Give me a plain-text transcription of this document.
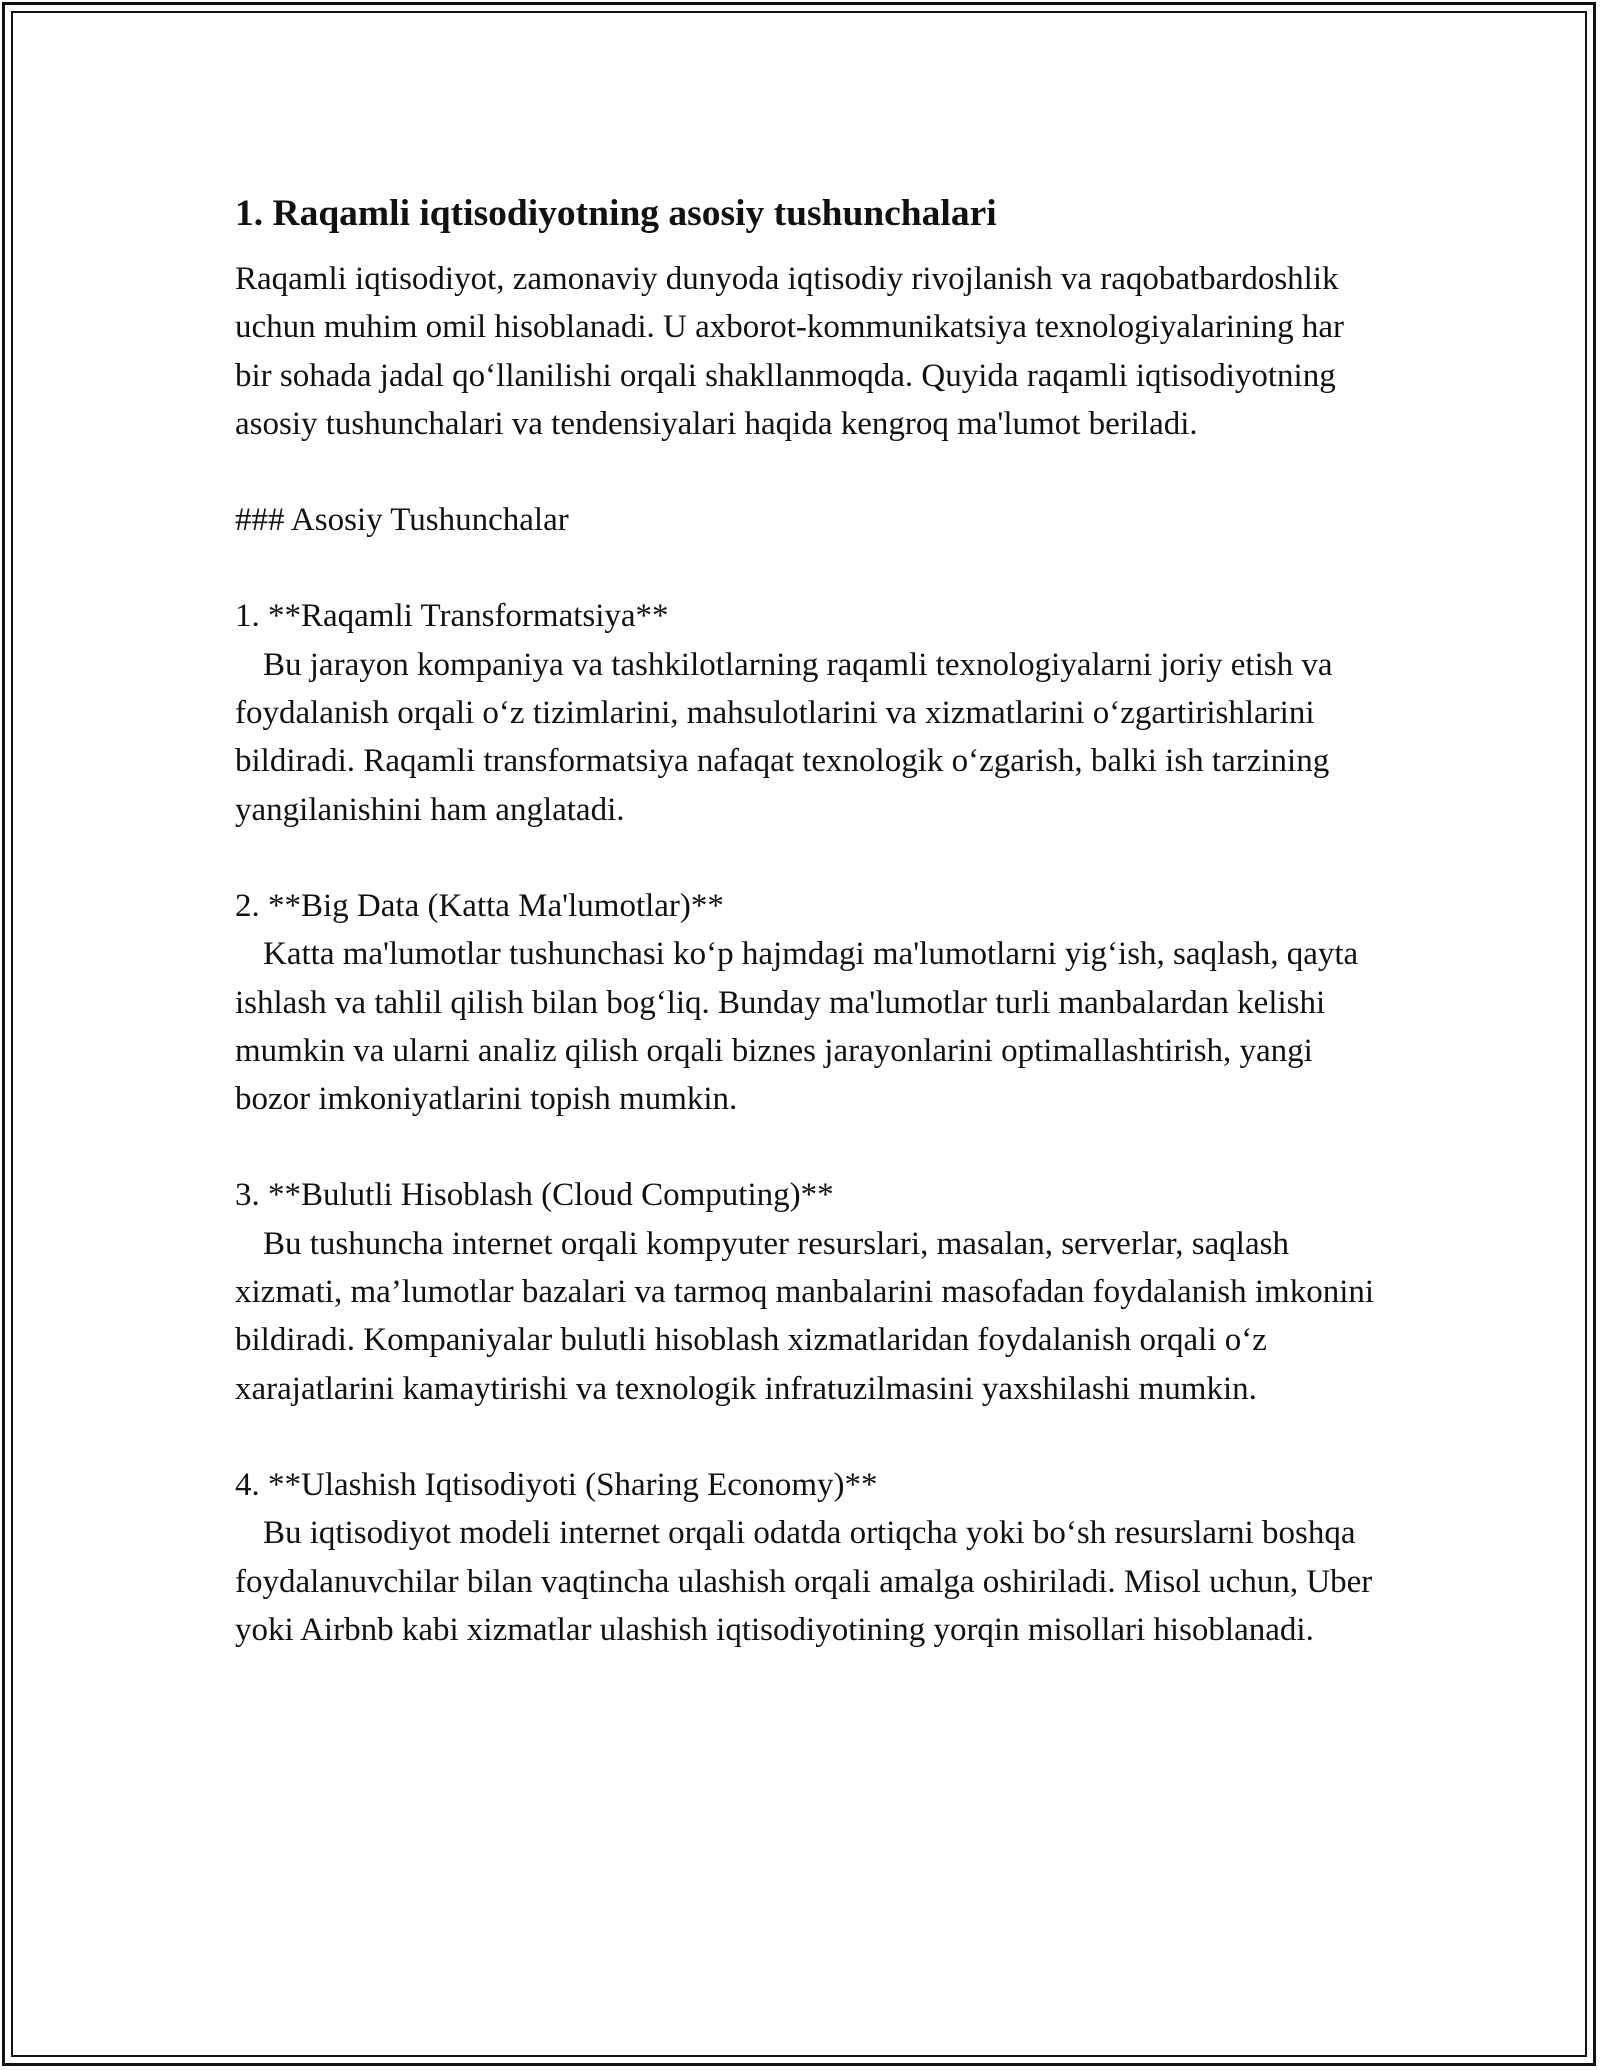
1. Raqamli iqtisodiyotning asosiy tushunchalari

Raqamli iqtisodiyot, zamonaviy dunyoda iqtisodiy rivojlanish va raqobatbardoshlik uchun muhim omil hisoblanadi. U axborot-kommunikatsiya texnologiyalarining har bir sohada jadal qo‘llanilishi orqali shakllanmoqda. Quyida raqamli iqtisodiyotning asosiy tushunchalari va tendensiyalari haqida kengroq ma'lumot beriladi.

### Asosiy Tushunchalar

1. **Raqamli Transformatsiya**

Bu jarayon kompaniya va tashkilotlarning raqamli texnologiyalarni joriy etish va foydalanish orqali o‘z tizimlarini, mahsulotlarini va xizmatlarini o‘zgartirishlarini bildiradi. Raqamli transformatsiya nafaqat texnologik o‘zgarish, balki ish tarzining yangilanishini ham anglatadi.

2. **Big Data (Katta Ma'lumotlar)**

Katta ma'lumotlar tushunchasi ko‘p hajmdagi ma'lumotlarni yig‘ish, saqlash, qayta ishlash va tahlil qilish bilan bog‘liq. Bunday ma'lumotlar turli manbalardan kelishi mumkin va ularni analiz qilish orqali biznes jarayonlarini optimallashtirish, yangi bozor imkoniyatlarini topish mumkin.

3. **Bulutli Hisoblash (Cloud Computing)**

Bu tushuncha internet orqali kompyuter resurslari, masalan, serverlar, saqlash xizmati, ma’lumotlar bazalari va tarmoq manbalarini masofadan foydalanish imkonini bildiradi. Kompaniyalar bulutli hisoblash xizmatlaridan foydalanish orqali o‘z xarajatlarini kamaytirishi va texnologik infratuzilmasini yaxshilashi mumkin.

4. **Ulashish Iqtisodiyoti (Sharing Economy)**

Bu iqtisodiyot modeli internet orqali odatda ortiqcha yoki bo‘sh resurslarni boshqa foydalanuvchilar bilan vaqtincha ulashish orqali amalga oshiriladi. Misol uchun, Uber yoki Airbnb kabi xizmatlar ulashish iqtisodiyotining yorqin misollari hisoblanadi.
